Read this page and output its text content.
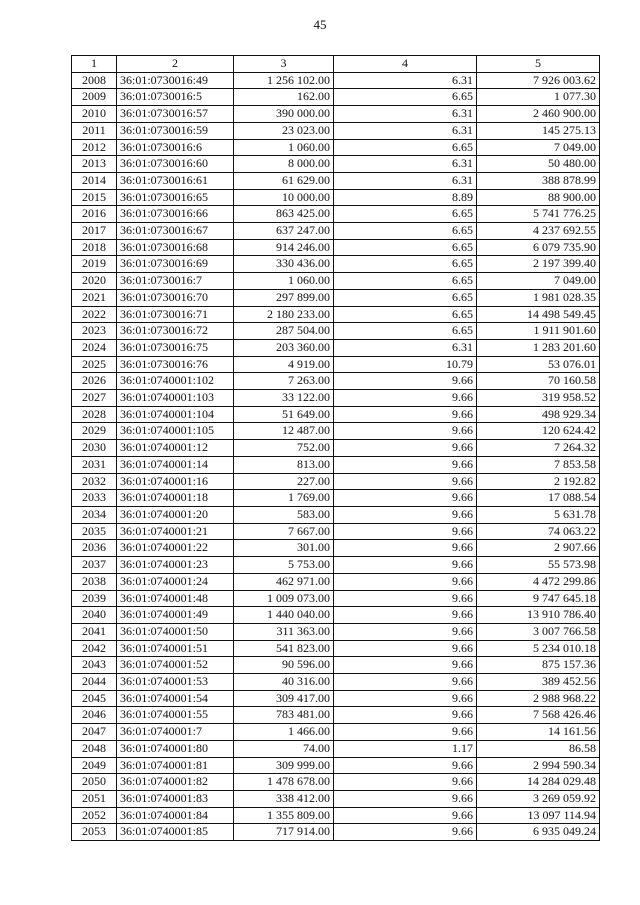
45
1	2	3	4	5
2008	36:01:0730016:49	1 256 102.00	6.31	7 926 003.62
2009	36:01:0730016:5	162.00	6.65	1 077.30
2010	36:01:0730016:57	390 000.00	6.31	2 460 900.00
2011	36:01:0730016:59	23 023.00	6.31	145 275.13
2012	36:01:0730016:6	1 060.00	6.65	7 049.00
2013	36:01:0730016:60	8 000.00	6.31	50 480.00
2014	36:01:0730016:61	61 629.00	6.31	388 878.99
2015	36:01:0730016:65	10 000.00	8.89	88 900.00
2016	36:01:0730016:66	863 425.00	6.65	5 741 776.25
2017	36:01:0730016:67	637 247.00	6.65	4 237 692.55
2018	36:01:0730016:68	914 246.00	6.65	6 079 735.90
2019	36:01:0730016:69	330 436.00	6.65	2 197 399.40
2020	36:01:0730016:7	1 060.00	6.65	7 049.00
2021	36:01:0730016:70	297 899.00	6.65	1 981 028.35
2022	36:01:0730016:71	2 180 233.00	6.65	14 498 549.45
2023	36:01:0730016:72	287 504.00	6.65	1 911 901.60
2024	36:01:0730016:75	203 360.00	6.31	1 283 201.60
2025	36:01:0730016:76	4 919.00	10.79	53 076.01
2026	36:01:0740001:102	7 263.00	9.66	70 160.58
2027	36:01:0740001:103	33 122.00	9.66	319 958.52
2028	36:01:0740001:104	51 649.00	9.66	498 929.34
2029	36:01:0740001:105	12 487.00	9.66	120 624.42
2030	36:01:0740001:12	752.00	9.66	7 264.32
2031	36:01:0740001:14	813.00	9.66	7 853.58
2032	36:01:0740001:16	227.00	9.66	2 192.82
2033	36:01:0740001:18	1 769.00	9.66	17 088.54
2034	36:01:0740001:20	583.00	9.66	5 631.78
2035	36:01:0740001:21	7 667.00	9.66	74 063.22
2036	36:01:0740001:22	301.00	9.66	2 907.66
2037	36:01:0740001:23	5 753.00	9.66	55 573.98
2038	36:01:0740001:24	462 971.00	9.66	4 472 299.86
2039	36:01:0740001:48	1 009 073.00	9.66	9 747 645.18
2040	36:01:0740001:49	1 440 040.00	9.66	13 910 786.40
2041	36:01:0740001:50	311 363.00	9.66	3 007 766.58
2042	36:01:0740001:51	541 823.00	9.66	5 234 010.18
2043	36:01:0740001:52	90 596.00	9.66	875 157.36
2044	36:01:0740001:53	40 316.00	9.66	389 452.56
2045	36:01:0740001:54	309 417.00	9.66	2 988 968.22
2046	36:01:0740001:55	783 481.00	9.66	7 568 426.46
2047	36:01:0740001:7	1 466.00	9.66	14 161.56
2048	36:01:0740001:80	74.00	1.17	86.58
2049	36:01:0740001:81	309 999.00	9.66	2 994 590.34
2050	36:01:0740001:82	1 478 678.00	9.66	14 284 029.48
2051	36:01:0740001:83	338 412.00	9.66	3 269 059.92
2052	36:01:0740001:84	1 355 809.00	9.66	13 097 114.94
2053	36:01:0740001:85	717 914.00	9.66	6 935 049.24
